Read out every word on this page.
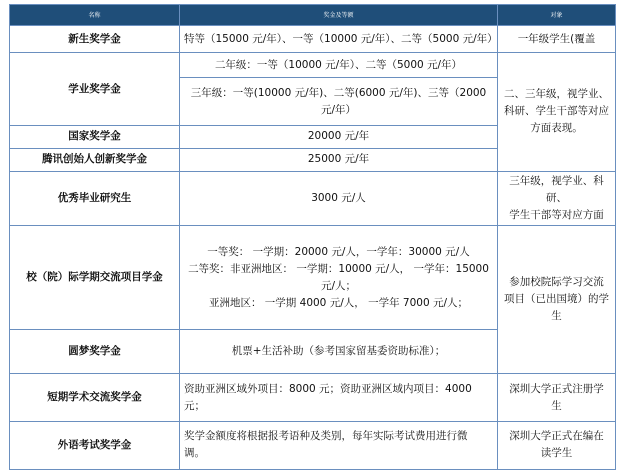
名称	奖金及等额	对象
新生奖学金	特等（15000 元/年）、一等（10000 元/年）、二等（5000 元/年）	一年级学生(覆盖
学业奖学金	二年级：一等（10000 元/年）、二等（5000 元/年）	二、三年级，视学业、
科研、学生干部等对应
方面表现。

	三年级：一等(10000 元/年)、二等(6000 元/年)、三等（2000
元/年）	

国家奖学金	20000 元/年	
腾讯创始人创新奖学金	25000 元/年	
优秀毕业研究生	3000 元/人	三年级，视学业、科研、
学生干部等对应方面

校（院）际学期交流项目学金	一等奖： 一学期：20000 元/人，一学年：30000 元/人
二等奖：非亚洲地区： 一学期：10000 元/人， 一学年：15000
元/人；
亚洲地区： 一学期 4000 元/人， 一学年 7000 元/人；	参加校院际学习交流
项目（已出国境）的学
生

圆梦奖学金	机票+生活补助（参考国家留基委资助标准）；	
短期学术交流奖学金	资助亚洲区域外项目：8000 元；资助亚洲区域内项目：4000
元；	深圳大学正式注册学
生

外语考试奖学金	奖学金额度将根据报考语种及类别，每年实际考试费用进行微
调。	深圳大学正式在编在
读学生
